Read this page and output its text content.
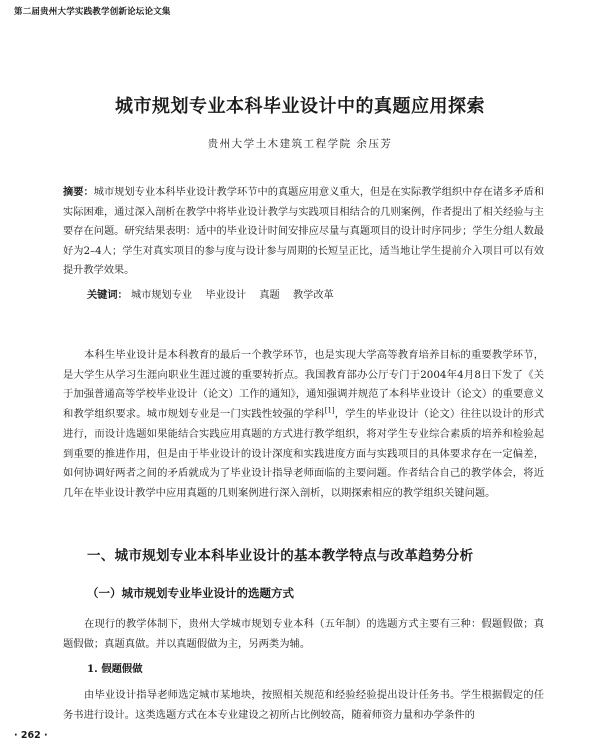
第二届贵州大学实践教学创新论坛论文集
城市规划专业本科毕业设计中的真题应用探索
贵州大学土木建筑工程学院 余压芳
摘要：城市规划专业本科毕业设计教学环节中的真题应用意义重大，但是在实际教学组织中存在诸多矛盾和实际困难，通过深入剖析在教学中将毕业设计教学与实践项目相结合的几则案例，作者提出了相关经验与主要存在问题。研究结果表明：适中的毕业设计时间安排应尽量与真题项目的设计时序同步；学生分组人数最好为2–4人；学生对真实项目的参与度与设计参与周期的长短呈正比，适当地让学生提前介入项目可以有效提升教学效果。
关键词： 城市规划专业 毕业设计 真题 教学改革
本科生毕业设计是本科教育的最后一个教学环节，也是实现大学高等教育培养目标的重要教学环节，是大学生从学习生涯向职业生涯过渡的重要转折点。我国教育部办公厅专门于2004年4月8日下发了《关于加强普通高等学校毕业设计（论文）工作的通知》，通知强调并规范了本科毕业设计（论文）的重要意义和教学组织要求。城市规划专业是一门实践性较强的学科[1]，学生的毕业设计（论文）往往以设计的形式进行，而设计选题如果能结合实践应用真题的方式进行教学组织，将对学生专业综合素质的培养和检验起到重要的推进作用，但是由于毕业设计的设计深度和实践进度方面与实践项目的具体要求存在一定偏差，如何协调好两者之间的矛盾就成为了毕业设计指导老师面临的主要问题。作者结合自己的教学体会，将近几年在毕业设计教学中应用真题的几则案例进行深入剖析，以期探索相应的教学组织关键问题。
一、城市规划专业本科毕业设计的基本教学特点与改革趋势分析
（一）城市规划专业毕业设计的选题方式
在现行的教学体制下，贵州大学城市规划专业本科（五年制）的选题方式主要有三种：假题假做；真题假做；真题真做。并以真题假做为主，另两类为辅。
1. 假题假做
由毕业设计指导老师选定城市某地块，按照相关规范和经验经验提出设计任务书。学生根据假定的任务书进行设计。这类选题方式在本专业建设之初所占比例较高，随着师资力量和办学条件的
· 262 ·
